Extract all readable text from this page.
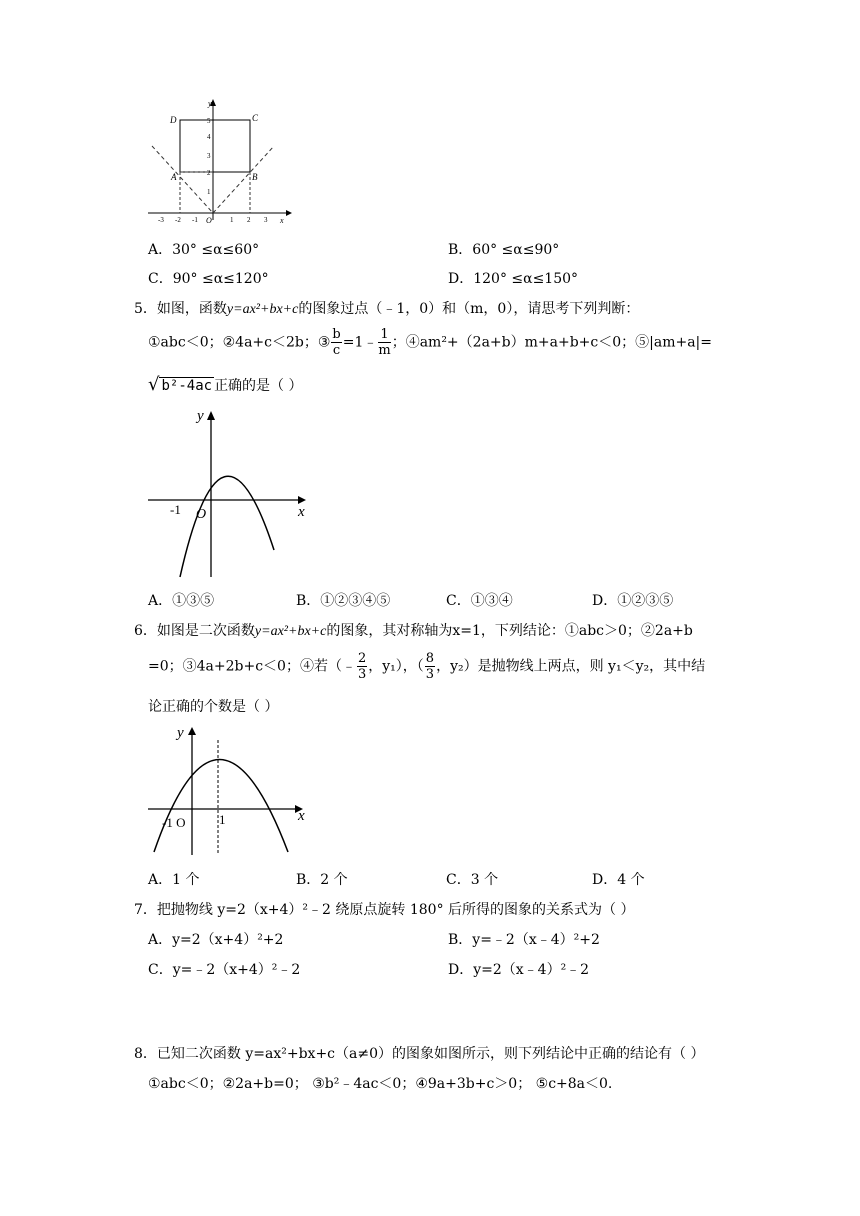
D	C
A	B
O
y
x
5
4
3
2
1
-3 -2 -1	1 2 3
A．30° ≤α≤60°	B．60° ≤α≤90°
C．90° ≤α≤120°	D．120° ≤α≤150°
5．如图，函数y=ax²+bx+c的图象过点（﹣1，0）和（m，0），请思考下列判断：
①abc＜0；②4a+c＜2b；③ $\frac{b}{c}$ =1﹣ $\frac{1}{m}$ ；④am²+（2a+b）m+a+b+c＜0；⑤|am+a|=
√ b²-4ac 正确的是（ ）
y
x
-1 O
A．①③⑤	B．①②③④⑤	C．①③④	D．①②③⑤
6．如图是二次函数y=ax²+bx+c的图象，其对称轴为x=1，下列结论：①abc＞0；②2a+b
=0；③4a+2b+c＜0；④若（﹣ $\frac{2}{3}$ ，y₁），（ $\frac{8}{3}$ ，y₂）是抛物线上两点，则 y₁＜y₂，其中结
论正确的个数是（ ）
y
x
-1 O	1
A．1 个	B．2 个	C．3 个	D．4 个
7．把抛物线 y=2（x+4）²﹣2 绕原点旋转 180° 后所得的图象的关系式为（ ）
A．y=2（x+4）²+2	B．y=﹣2（x﹣4）²+2
C．y=﹣2（x+4）²﹣2	D．y=2（x﹣4）²﹣2
8．已知二次函数 y=ax²+bx+c（a≠0）的图象如图所示，则下列结论中正确的结论有（ ）
①abc＜0；②2a+b=0； ③b²﹣4ac＜0；④9a+3b+c＞0； ⑤c+8a＜0.
